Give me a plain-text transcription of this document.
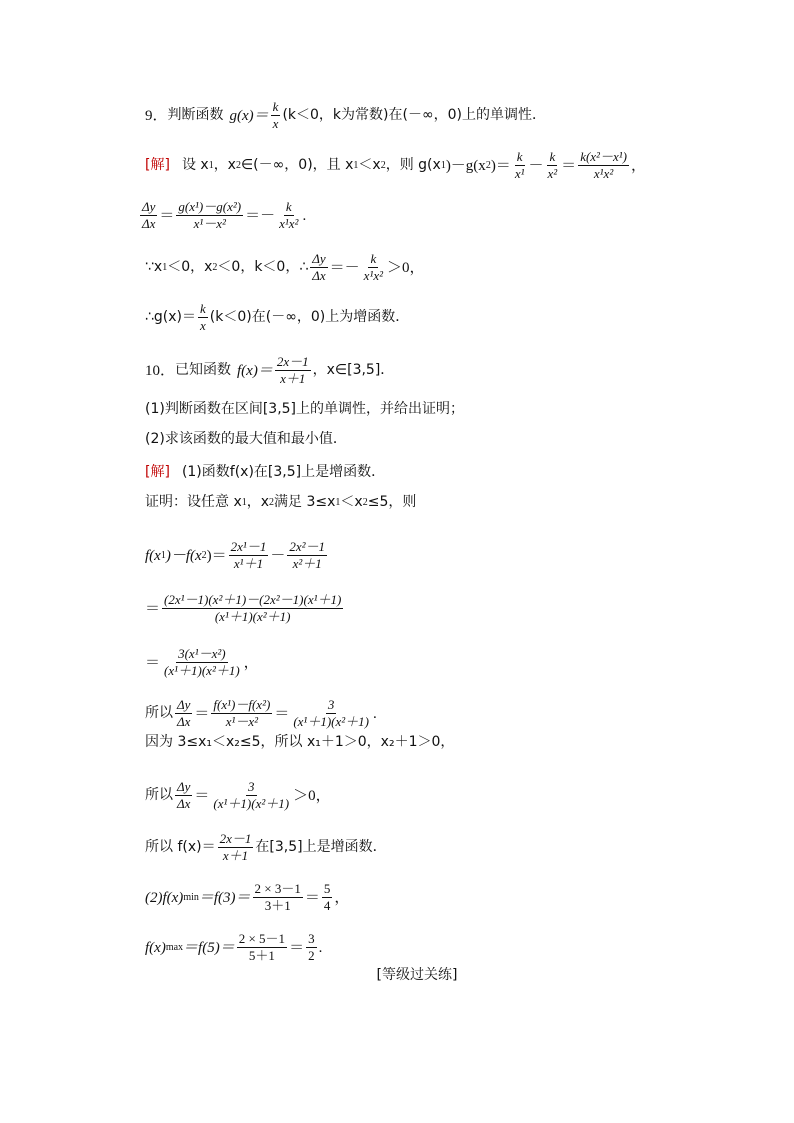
9． 判断函数 $g(x)= \frac{k}{x} (k<0$，k为常数)在(－∞，0)上的单调性．
[解] 设 x 1 ，x 2 ∈(－∞，0)，且 x 1 ＜x 2 ，则 g(x 1 )－g(x 2 )＝ $\frac{k}{\text{x¹}} - \frac{k}{\text{x²}} = \frac{\text{k(x²－x¹)}}{\text{x¹x²}}$ ，
$\frac{\Delta y}{\Delta x} = \frac{\text{g(x¹)－g(x²)}}{\text{x¹－x²}} =- \frac{k}{\text{x¹x²}}$ .
∵x 1 ＜0，x 2 ＜0，k＜0，∴ $\frac{\Delta y}{\Delta x} =- \frac{k}{\text{x¹x²}} >0$，
∴g(x)＝ $\frac{k}{x} (k<0)$在(－∞，0)上为增函数．
10． 已知函数 $f(x)= \frac{2x-1}{x+1}$ ，x∈[3,5]．
(1)判断函数在区间[3,5]上的单调性，并给出证明；
(2)求该函数的最大值和最小值．
[解] (1)函数f(x)在[3,5]上是增函数．
证明：设任意 x 1 ，x 2 满足 3≤x 1 ＜x 2 ≤5，则
f(x 1 )－f(x 2 )＝ $\frac{\text{2x¹－1}}{\text{x¹＋1}} - \frac{\text{2x²－1}}{\text{x²＋1}}$
＝ $\frac{\text{(2x¹－1)(x²＋1)－(2x²－1)(x¹＋1)}}{\text{(x¹＋1)(x²＋1)}}$
＝ $\frac{\text{3(x¹－x²)}}{\text{(x¹＋1)(x²＋1)}}$ ，
所以 $\frac{\Delta y}{\Delta x} = \frac{\text{f(x¹)－f(x²)}}{\text{x¹－x²}} = \frac{3}{\text{(x¹＋1)(x²＋1)}}$ .
因为 3≤x₁＜x₂≤5，所以 x₁＋1＞0，x₂＋1＞0，
所以 $\frac{\Delta y}{\Delta x} = \frac{3}{\text{(x¹＋1)(x²＋1)}} >0$，
所以 $f(x)= \frac{2x-1}{x+1}$ 在[3,5]上是增函数．
(2)f(x) $\min =f(3)= \frac{2 \times 3-1}{3+1} = \frac{5}{4}$ ，
f(x) $\max =f(5)= \frac{2 \times 5-1}{5+1} = \frac{3}{2}$ .
[等级过关练]
